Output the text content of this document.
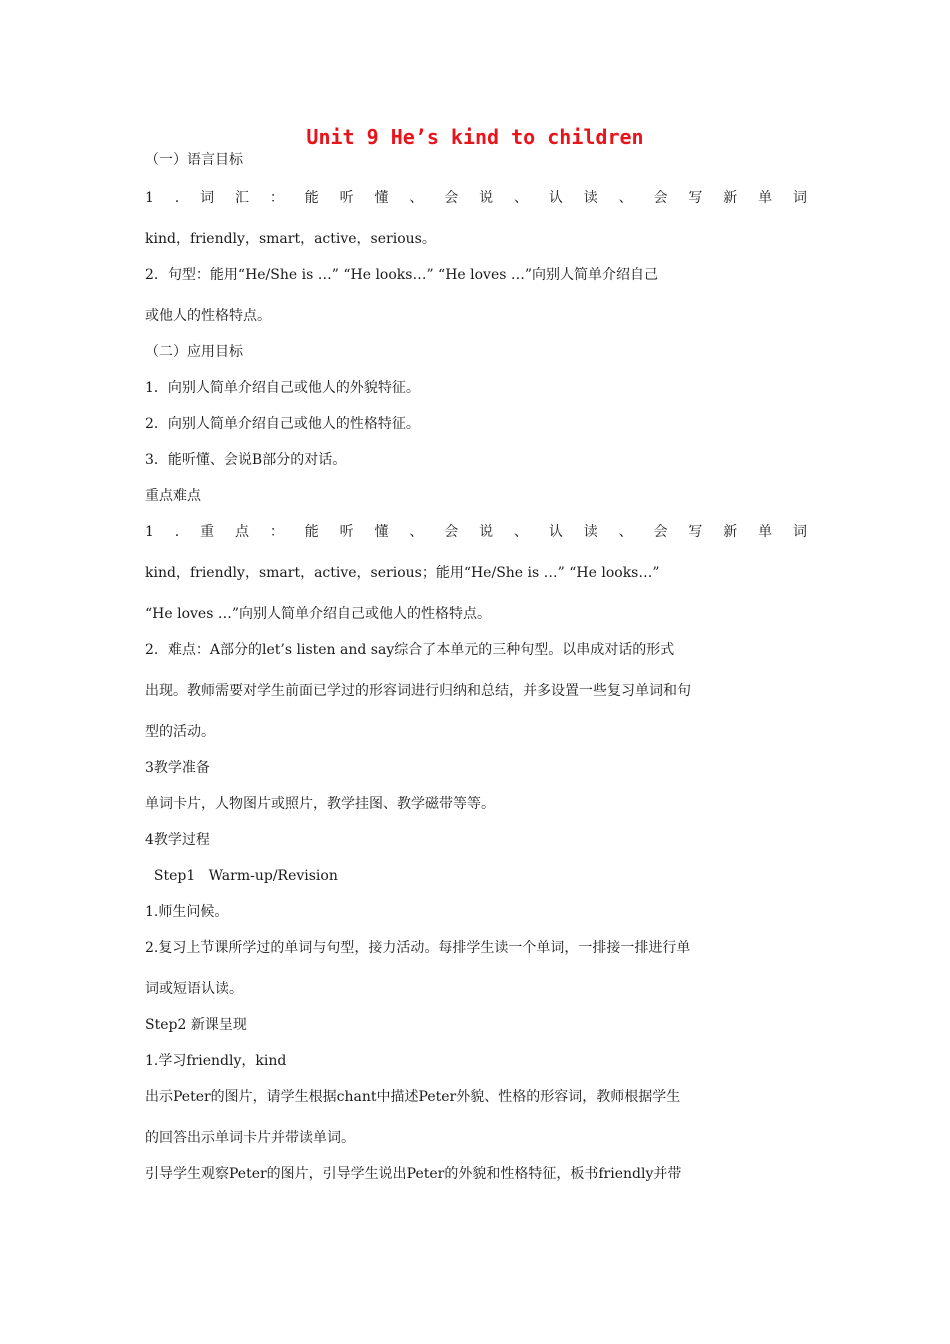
Unit 9 He’s kind to children
（一）语言目标
1 . 词 汇 ： 能 听 懂 、 会 说 、 认 读 、 会 写 新 单 词
kind，friendly，smart，active，serious。
2．句型：能用“He/She is …” “He looks…” “He loves …”向别人简单介绍自己
或他人的性格特点。
（二）应用目标
1．向别人简单介绍自己或他人的外貌特征。
2．向别人简单介绍自己或他人的性格特征。
3．能听懂、会说B部分的对话。
重点难点
1 . 重 点 ： 能 听 懂 、 会 说 、 认 读 、 会 写 新 单 词
kind，friendly，smart，active，serious；能用“He/She is …” “He looks…”
“He loves …”向别人简单介绍自己或他人的性格特点。
2．难点：A部分的let’s listen and say综合了本单元的三种句型。以串成对话的形式
出现。教师需要对学生前面已学过的形容词进行归纳和总结，并多设置一些复习单词和句
型的活动。
3教学准备
单词卡片，人物图片或照片，教学挂图、教学磁带等等。
4教学过程
Step1   Warm-up/Revision
1.师生问候。
2.复习上节课所学过的单词与句型，接力活动。每排学生读一个单词，一排接一排进行单
词或短语认读。
Step2 新课呈现
1.学习friendly，kind
出示Peter的图片，请学生根据chant中描述Peter外貌、性格的形容词，教师根据学生
的回答出示单词卡片并带读单词。
引导学生观察Peter的图片，引导学生说出Peter的外貌和性格特征，板书friendly并带
